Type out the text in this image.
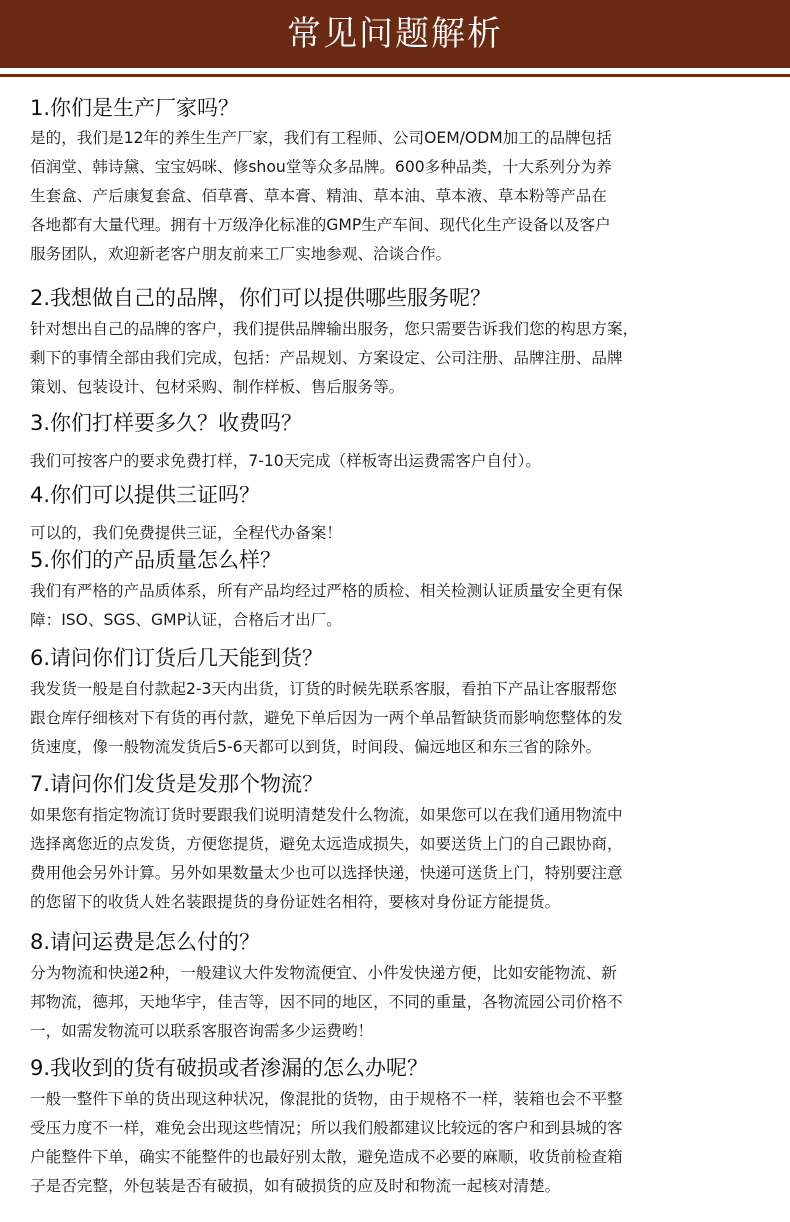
常见问题解析
1.你们是生产厂家吗？
是的，我们是12年的养生生产厂家，我们有工程师、公司OEM/ODM加工的品牌包括
佰润堂、韩诗黛、宝宝妈咪、修shou堂等众多品牌。600多种品类，十大系列分为养
生套盒、产后康复套盒、佰草膏、草本膏、精油、草本油、草本液、草本粉等产品在
各地都有大量代理。拥有十万级净化标准的GMP生产车间、现代化生产设备以及客户
服务团队，欢迎新老客户朋友前来工厂实地参观、洽谈合作。
2.我想做自己的品牌，你们可以提供哪些服务呢？
针对想出自己的品牌的客户，我们提供品牌输出服务，您只需要告诉我们您的构思方案，
剩下的事情全部由我们完成，包括：产品规划、方案设定、公司注册、品牌注册、品牌
策划、包装设计、包材采购、制作样板、售后服务等。
3.你们打样要多久？收费吗？
我们可按客户的要求免费打样，7-10天完成（样板寄出运费需客户自付）。
4.你们可以提供三证吗？
可以的，我们免费提供三证，全程代办备案！
5.你们的产品质量怎么样？
我们有严格的产品质体系，所有产品均经过严格的质检、相关检测认证质量安全更有保
障：ISO、SGS、GMP认证，合格后才出厂。
6.请问你们订货后几天能到货？
我发货一般是自付款起2-3天内出货，订货的时候先联系客服，看拍下产品让客服帮您
跟仓库仔细核对下有货的再付款，避免下单后因为一两个单品暂缺货而影响您整体的发
货速度，像一般物流发货后5-6天都可以到货，时间段、偏远地区和东三省的除外。
7.请问你们发货是发那个物流？
如果您有指定物流订货时要跟我们说明清楚发什么物流，如果您可以在我们通用物流中
选择离您近的点发货，方便您提货，避免太远造成损失，如要送货上门的自己跟协商，
费用他会另外计算。另外如果数量太少也可以选择快递，快递可送货上门，特别要注意
的您留下的收货人姓名装跟提货的身份证姓名相符，要核对身份证方能提货。
8.请问运费是怎么付的？
分为物流和快递2种，一般建议大件发物流便宜、小件发快递方便，比如安能物流、新
邦物流，德邦，天地华宇，佳吉等，因不同的地区，不同的重量，各物流园公司价格不
一，如需发物流可以联系客服咨询需多少运费哟！
9.我收到的货有破损或者渗漏的怎么办呢？
一般一整件下单的货出现这种状况，像混批的货物，由于规格不一样，装箱也会不平整
受压力度不一样，难免会出现这些情况；所以我们般都建议比较远的客户和到县城的客
户能整件下单，确实不能整件的也最好别太散，避免造成不必要的麻顺，收货前检查箱
子是否完整，外包装是否有破损，如有破损货的应及时和物流一起核对清楚。
